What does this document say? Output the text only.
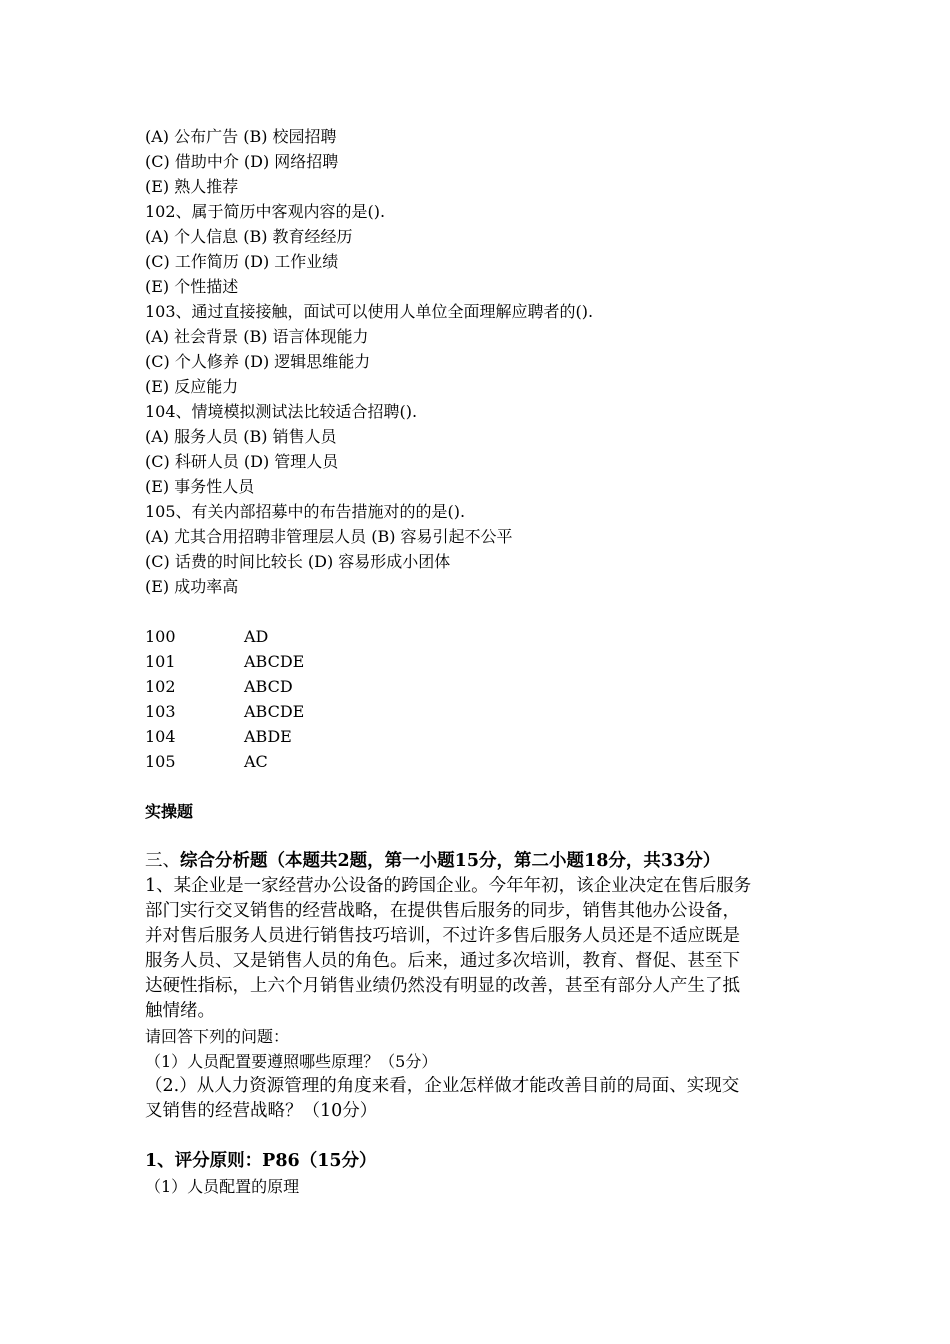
(A) 公布广告 (B) 校园招聘
(C) 借助中介 (D) 网络招聘
(E) 熟人推荐
102、属于简历中客观内容的是().
(A) 个人信息 (B) 教育经经历
(C) 工作简历 (D) 工作业绩
(E) 个性描述
103、通过直接接触，面试可以使用人单位全面理解应聘者的().
(A) 社会背景 (B) 语言体现能力
(C) 个人修养 (D) 逻辑思维能力
(E) 反应能力
104、情境模拟测试法比较适合招聘().
(A) 服务人员 (B) 销售人员
(C) 科研人员 (D) 管理人员
(E) 事务性人员
105、有关内部招募中的布告措施对的的是().
(A) 尤其合用招聘非管理层人员 (B) 容易引起不公平
(C) 话费的时间比较长 (D) 容易形成小团体
(E) 成功率高
100	AD
101	ABCDE
102	ABCD
103	ABCDE
104	ABDE
105	AC
实操题
三、综合分析题（本题共2题，第一小题15分，第二小题18分，共33分）
1、某企业是一家经营办公设备的跨国企业。今年年初，该企业决定在售后服务
部门实行交叉销售的经营战略，在提供售后服务的同步，销售其他办公设备，
并对售后服务人员进行销售技巧培训，不过许多售后服务人员还是不适应既是
服务人员、又是销售人员的角色。后来，通过多次培训，教育、督促、甚至下
达硬性指标，上六个月销售业绩仍然没有明显的改善，甚至有部分人产生了抵
触情绪。
请回答下列的问题：
（1）人员配置要遵照哪些原理？（5分）
（2.）从人力资源管理的角度来看，企业怎样做才能改善目前的局面、实现交
叉销售的经营战略？（10分）
1、评分原则：P86（15分）
（1）人员配置的原理
